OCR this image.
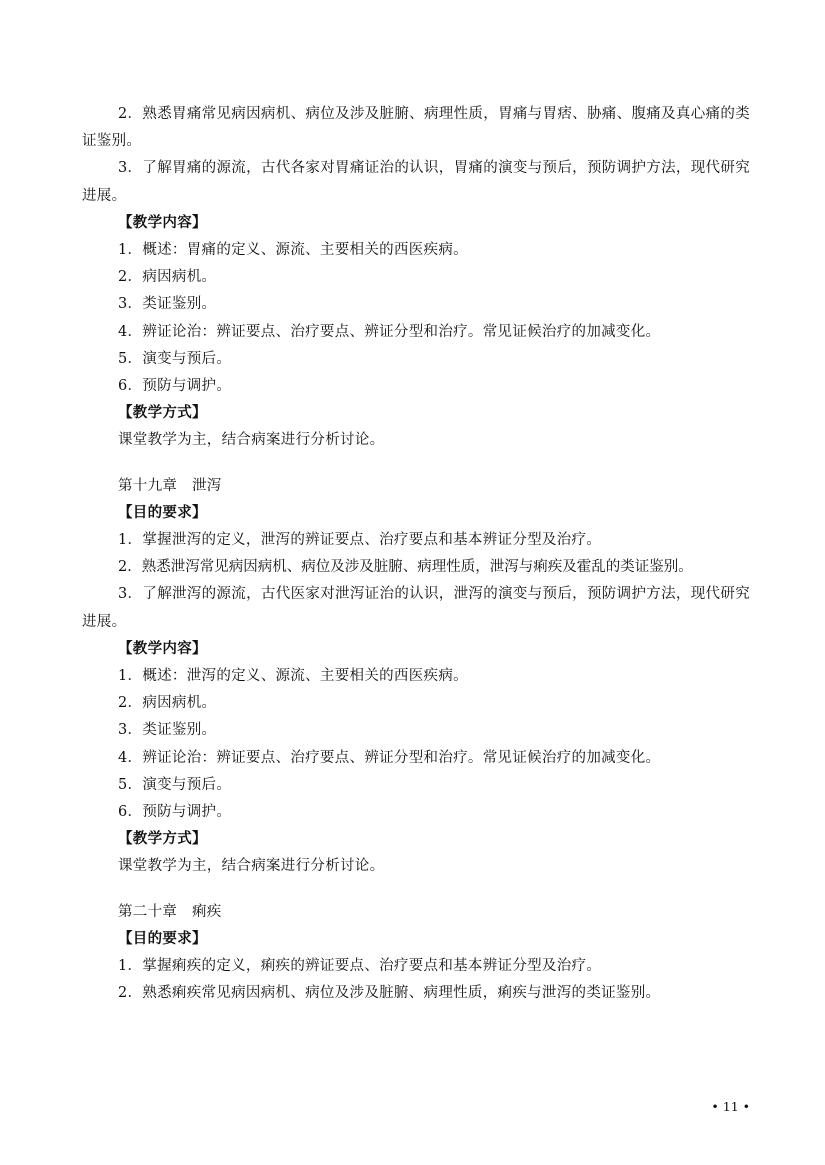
2．熟悉胃痛常见病因病机、病位及涉及脏腑、病理性质，胃痛与胃痞、胁痛、腹痛及真心痛的类证鉴别。

3．了解胃痛的源流，古代各家对胃痛证治的认识，胃痛的演变与预后，预防调护方法，现代研究进展。

【教学内容】

1．概述：胃痛的定义、源流、主要相关的西医疾病。

2．病因病机。

3．类证鉴别。

4．辨证论治：辨证要点、治疗要点、辨证分型和治疗。常见证候治疗的加减变化。

5．演变与预后。

6．预防与调护。

【教学方式】

课堂教学为主，结合病案进行分析讨论。

第十九章　泄泻

【目的要求】

1．掌握泄泻的定义，泄泻的辨证要点、治疗要点和基本辨证分型及治疗。

2．熟悉泄泻常见病因病机、病位及涉及脏腑、病理性质，泄泻与痢疾及霍乱的类证鉴别。

3．了解泄泻的源流，古代医家对泄泻证治的认识，泄泻的演变与预后，预防调护方法，现代研究进展。

【教学内容】

1．概述：泄泻的定义、源流、主要相关的西医疾病。

2．病因病机。

3．类证鉴别。

4．辨证论治：辨证要点、治疗要点、辨证分型和治疗。常见证候治疗的加减变化。

5．演变与预后。

6．预防与调护。

【教学方式】

课堂教学为主，结合病案进行分析讨论。

第二十章　痢疾

【目的要求】

1．掌握痢疾的定义，痢疾的辨证要点、治疗要点和基本辨证分型及治疗。

2．熟悉痢疾常见病因病机、病位及涉及脏腑、病理性质，痢疾与泄泻的类证鉴别。

• 11 •
